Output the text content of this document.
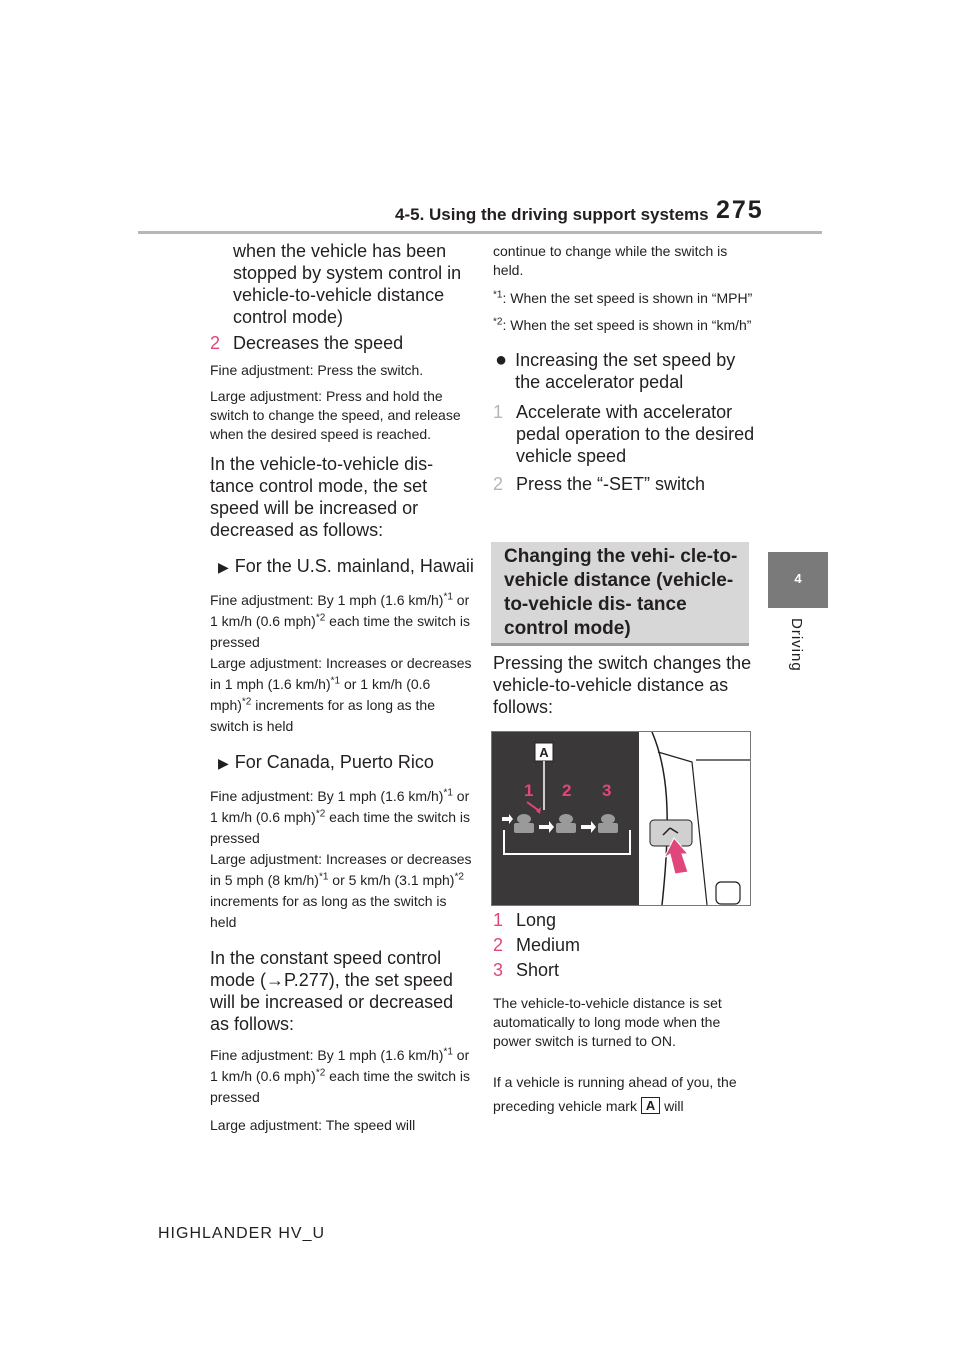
4-5. Using the driving support systems 275
4
Driving

when the vehicle has been stopped by system control in vehicle-to-vehicle distance control mode)

2 Decreases the speed

Fine adjustment: Press the switch.

Large adjustment: Press and hold the switch to change the speed, and release when the desired speed is reached.

In the vehicle-to-vehicle dis- tance control mode, the set speed will be increased or decreased as follows:

▶ For the U.S. mainland, Hawaii

Fine adjustment: By 1 mph (1.6 km/h)$^{*1}$ or 1 km/h (0.6 mph)$^{*2}$ each time the switch is pressed

Large adjustment: Increases or decreases in 1 mph (1.6 km/h)$^{*1}$ or 1 km/h (0.6 mph)$^{*2}$ increments for as long as the switch is held

▶ For Canada, Puerto Rico

Fine adjustment: By 1 mph (1.6 km/h)$^{*1}$ or 1 km/h (0.6 mph)$^{*2}$ each time the switch is pressed

Large adjustment: Increases or decreases in 5 mph (8 km/h)$^{*1}$ or 5 km/h (3.1 mph)$^{*2}$ increments for as long as the switch is held

In the constant speed control mode (→P.277), the set speed will be increased or decreased as follows:

Fine adjustment: By 1 mph (1.6 km/h)$^{*1}$ or 1 km/h (0.6 mph)$^{*2}$ each time the switch is pressed

Large adjustment: The speed will

continue to change while the switch is held.

$^{*1}$ : When the set speed is shown in “MPH”
$^{*2}$ : When the set speed is shown in “km/h”
● Increasing the set speed by the accelerator pedal
1 Accelerate with accelerator pedal operation to the desired vehicle speed
2 Press the “-SET” switch
Changing the vehi- cle-to-vehicle distance (vehicle-to-vehicle dis- tance control mode)

Pressing the switch changes the vehicle-to-vehicle distance as follows:

A
1 2 3
1 Long
2 Medium
3 Short

The vehicle-to-vehicle distance is set automatically to long mode when the power switch is turned to ON.

If a vehicle is running ahead of you, the preceding vehicle mark A will

HIGHLANDER HV_U
